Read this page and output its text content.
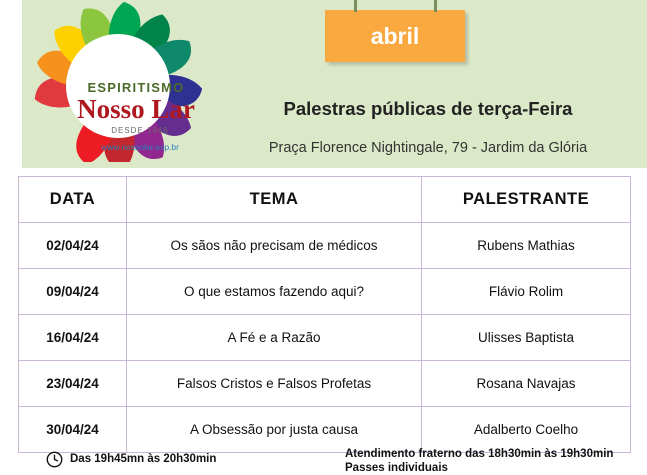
ESPIRITISMO
Nosso Lar
DESDE 1946
www.nossolar.esp.br
abril
Palestras públicas de terça-Feira
Praça Florence Nightingale, 79 - Jardim da Glória
DATA	TEMA	PALESTRANTE
02/04/24	Os sãos não precisam de médicos	Rubens Mathias
09/04/24	O que estamos fazendo aqui?	Flávio Rolim
16/04/24	A Fé e a Razão	Ulisses Baptista
23/04/24	Falsos Cristos e Falsos Profetas	Rosana Navajas
30/04/24	A Obsessão por justa causa	Adalberto Coelho
Das 19h45mn às 20h30min	Atendimento fraterno das 18h30min às 19h30min
Passes individuais
